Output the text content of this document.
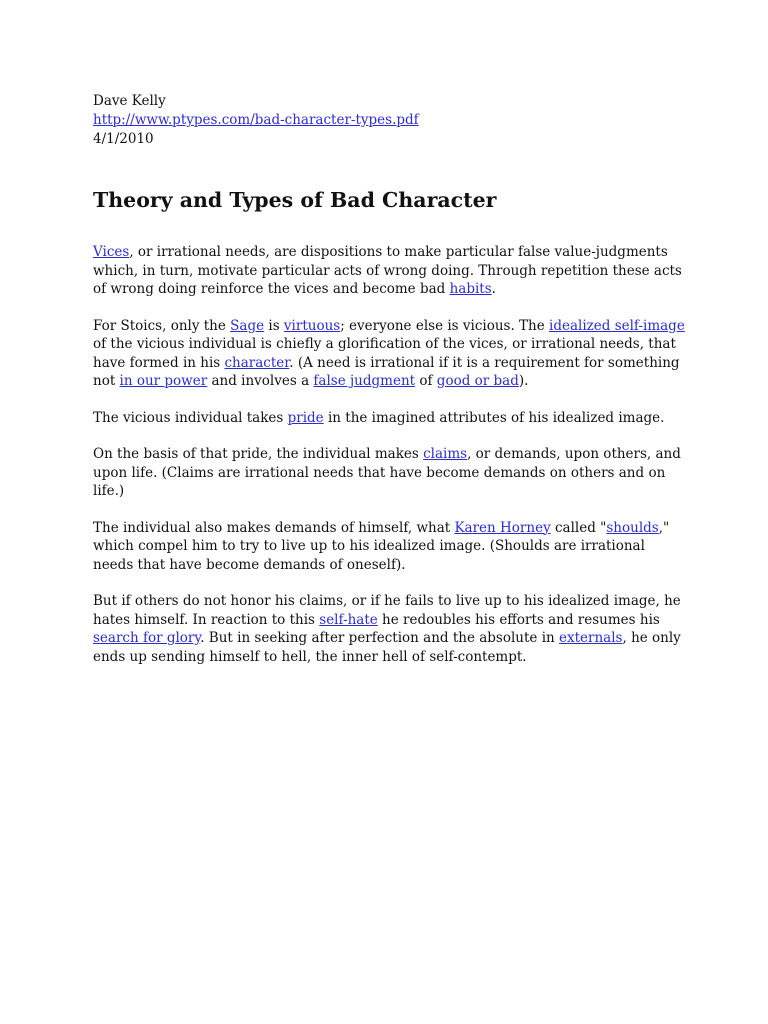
Dave Kelly

http://www.ptypes.com/bad-character-types.pdf

4/1/2010

Theory and Types of Bad Character

Vices, or irrational needs, are dispositions to make particular false value-judgments which, in turn, motivate particular acts of wrong doing. Through repetition these acts of wrong doing reinforce the vices and become bad habits.

For Stoics, only the Sage is virtuous; everyone else is vicious. The idealized self-image of the vicious individual is chiefly a glorification of the vices, or irrational needs, that have formed in his character. (A need is irrational if it is a requirement for something not in our power and involves a false judgment of good or bad).

The vicious individual takes pride in the imagined attributes of his idealized image.

On the basis of that pride, the individual makes claims, or demands, upon others, and upon life. (Claims are irrational needs that have become demands on others and on life.)

The individual also makes demands of himself, what Karen Horney called "shoulds," which compel him to try to live up to his idealized image. (Shoulds are irrational needs that have become demands of oneself).

But if others do not honor his claims, or if he fails to live up to his idealized image, he hates himself. In reaction to this self-hate he redoubles his efforts and resumes his search for glory. But in seeking after perfection and the absolute in externals, he only ends up sending himself to hell, the inner hell of self-contempt.
